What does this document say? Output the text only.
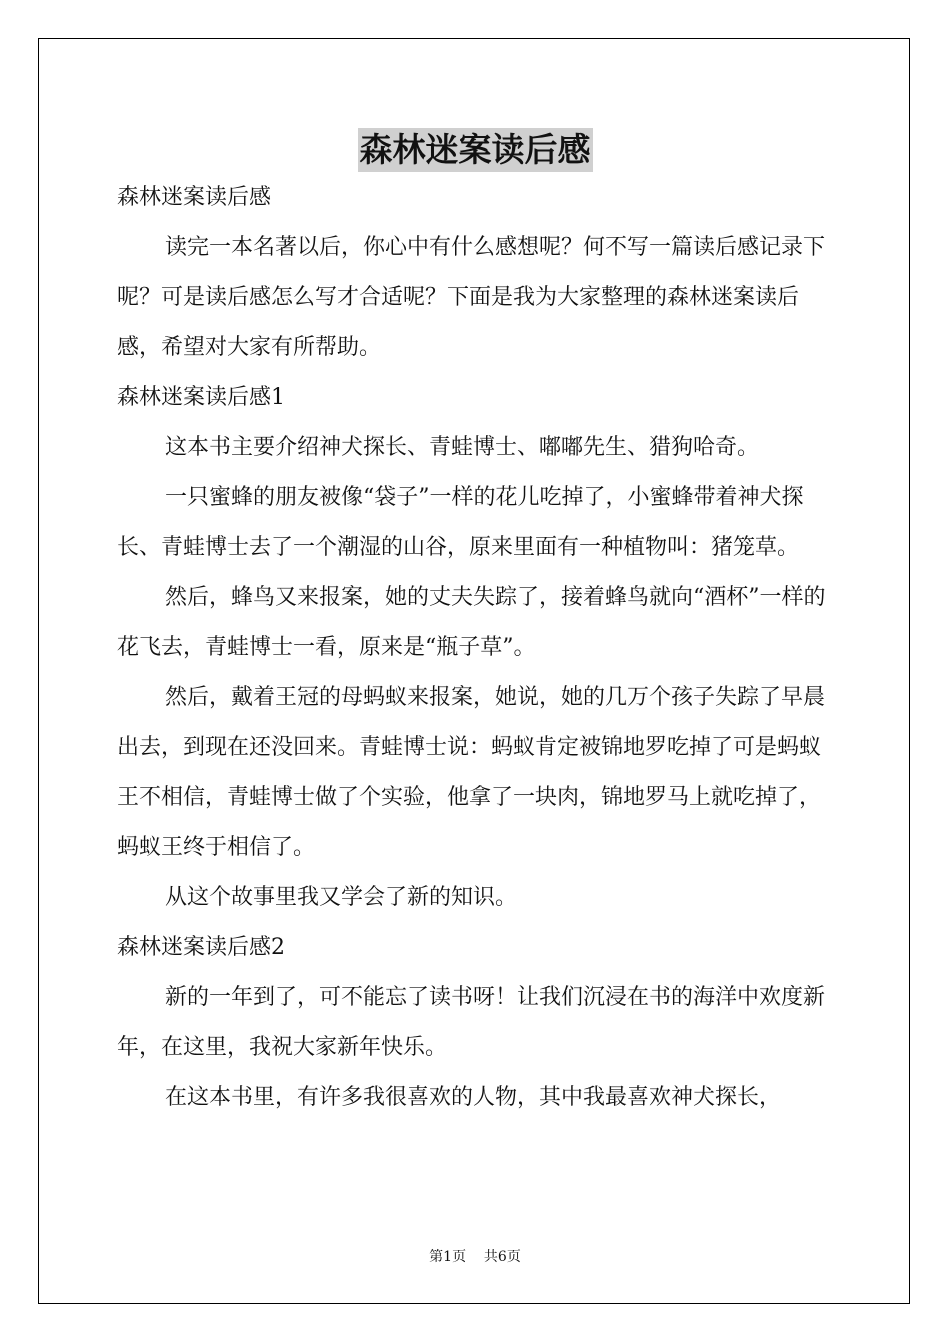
森林迷案读后感

森林迷案读后感

读完一本名著以后，你心中有什么感想呢？何不写一篇读后感记录下呢？可是读后感怎么写才合适呢？下面是我为大家整理的森林迷案读后感，希望对大家有所帮助。

森林迷案读后感1

这本书主要介绍神犬探长、青蛙博士、嘟嘟先生、猎狗哈奇。

一只蜜蜂的朋友被像“袋子”一样的花儿吃掉了，小蜜蜂带着神犬探长、青蛙博士去了一个潮湿的山谷，原来里面有一种植物叫：猪笼草。

然后，蜂鸟又来报案，她的丈夫失踪了，接着蜂鸟就向“酒杯”一样的花飞去，青蛙博士一看，原来是“瓶子草”。

然后，戴着王冠的母蚂蚁来报案，她说，她的几万个孩子失踪了早晨出去，到现在还没回来。青蛙博士说：蚂蚁肯定被锦地罗吃掉了可是蚂蚁王不相信，青蛙博士做了个实验，他拿了一块肉，锦地罗马上就吃掉了，蚂蚁王终于相信了。

从这个故事里我又学会了新的知识。

森林迷案读后感2

新的一年到了，可不能忘了读书呀！让我们沉浸在书的海洋中欢度新年，在这里，我祝大家新年快乐。

在这本书里，有许多我很喜欢的人物，其中我最喜欢神犬探长，

第1页 共6页
